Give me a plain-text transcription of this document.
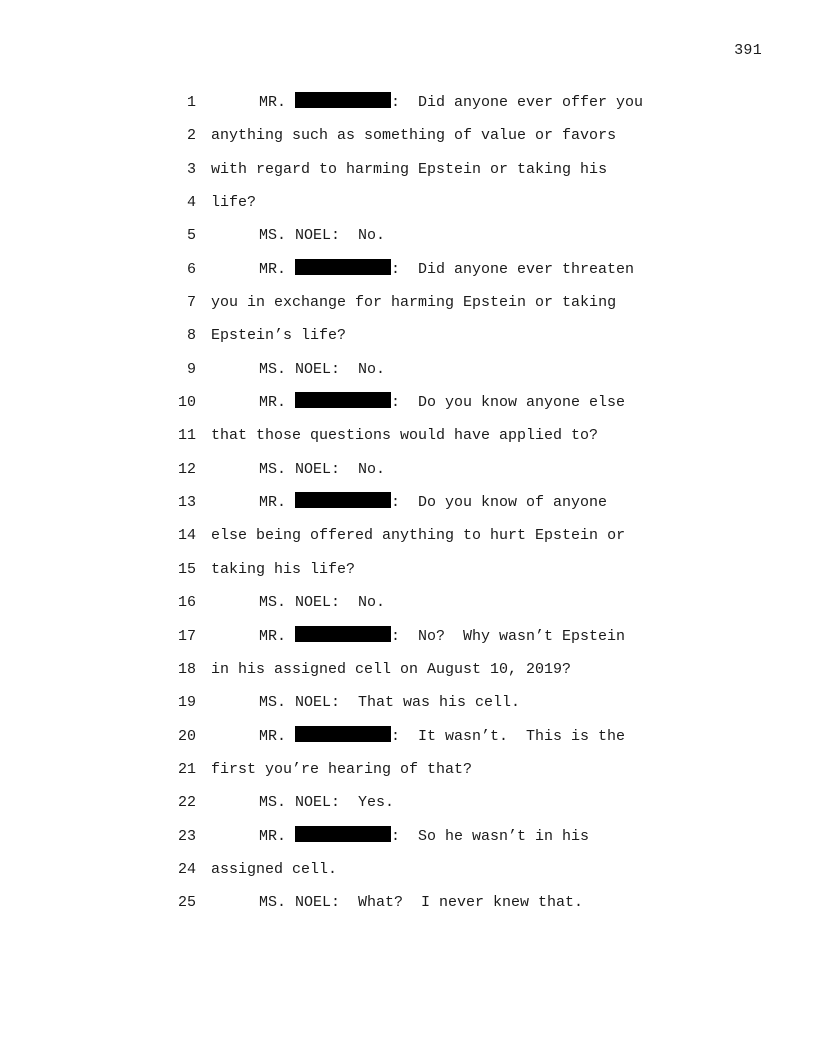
391
1	MR.	:  Did anyone ever offer you
2 anything such as something of value or favors
3 with regard to harming Epstein or taking his
4 life?
5	MS. NOEL:  No.
6	MR.	:  Did anyone ever threaten
7 you in exchange for harming Epstein or taking
8 Epstein’s life?
9	MS. NOEL:  No.
10	MR.	:  Do you know anyone else
11 that those questions would have applied to?
12	MS. NOEL:  No.
13	MR.	:  Do you know of anyone
14 else being offered anything to hurt Epstein or
15 taking his life?
16	MS. NOEL:  No.
17	MR.	:  No?  Why wasn’t Epstein
18 in his assigned cell on August 10, 2019?
19	MS. NOEL:  That was his cell.
20	MR.	:  It wasn’t.  This is the
21 first you’re hearing of that?
22	MS. NOEL:  Yes.
23	MR.	:  So he wasn’t in his
24 assigned cell.
25	MS. NOEL:  What?  I never knew that.
